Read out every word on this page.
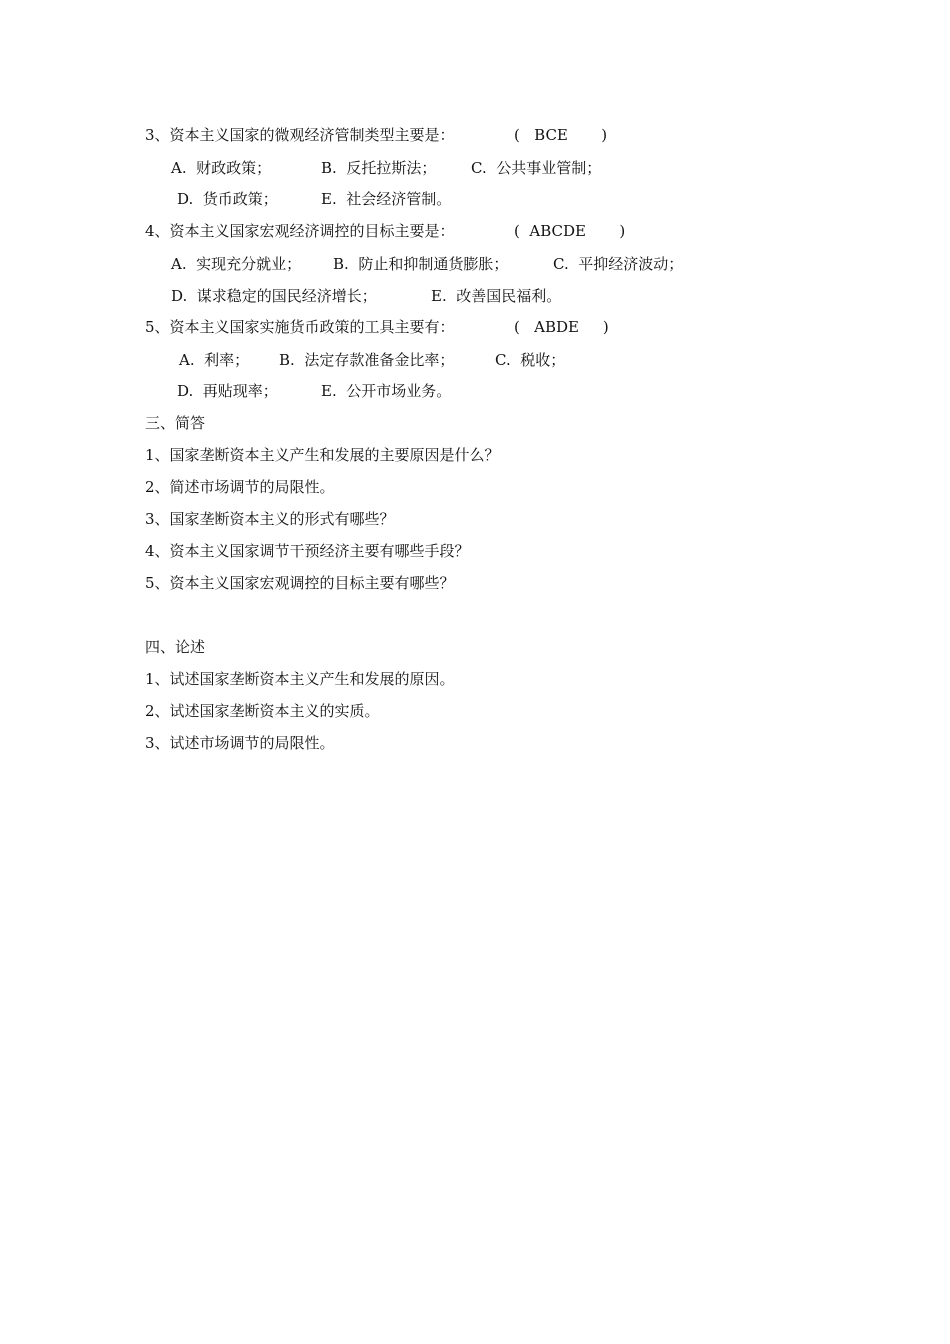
3、资本主义国家的微观经济管制类型主要是：	(   BCE       )
A.  财政政策；	B.  反托拉斯法； C.  公共事业管制；
D.  货币政策；	E.  社会经济管制。
4、资本主义国家宏观经济调控的目标主要是：	(  ABCDE       )
A.  实现充分就业； B.  防止和抑制通货膨胀；	C.  平抑经济波动；
D.  谋求稳定的国民经济增长；	E.  改善国民福利。
5、资本主义国家实施货币政策的工具主要有：	(   ABDE     )
A.  利率； B.  法定存款准备金比率；	C.  税收；
D.  再贴现率；	E.  公开市场业务。
三、简答
1、国家垄断资本主义产生和发展的主要原因是什么？
2、简述市场调节的局限性。
3、国家垄断资本主义的形式有哪些？
4、资本主义国家调节干预经济主要有哪些手段？
5、资本主义国家宏观调控的目标主要有哪些？
四、论述
1、试述国家垄断资本主义产生和发展的原因。
2、试述国家垄断资本主义的实质。
3、试述市场调节的局限性。
